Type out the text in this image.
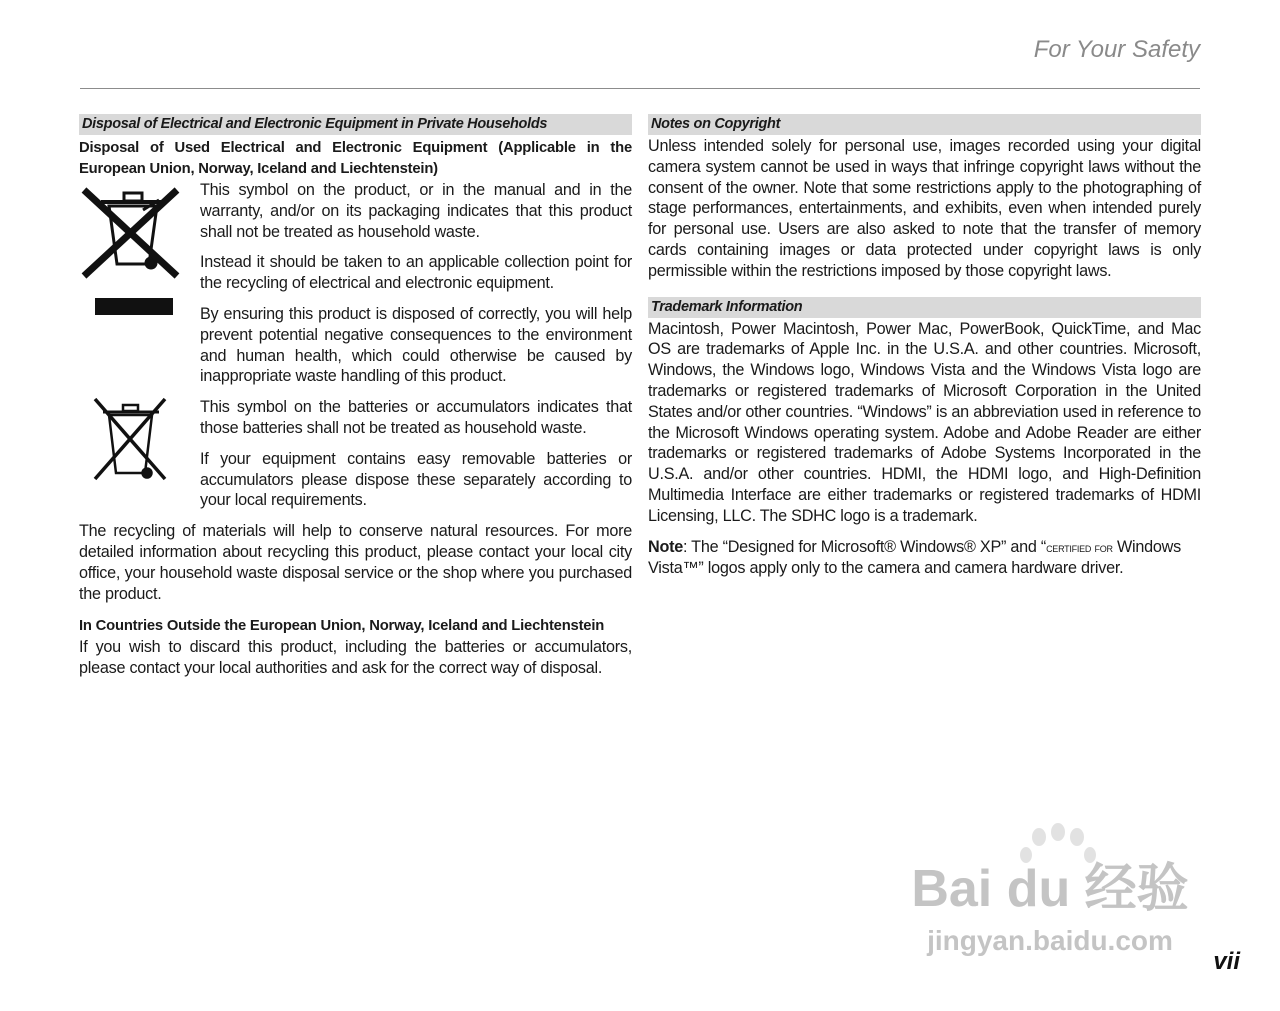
For Your Safety
Disposal of Electrical and Electronic Equipment in Private Households
Disposal of Used Electrical and Electronic Equipment (Applicable in the European Union, Norway, Iceland and Liechtenstein)

This symbol on the product, or in the manual and in the warranty, and/or on its packaging indicates that this product shall not be treated as household waste.

Instead it should be taken to an applicable collection point for the recycling of electrical and electronic equipment.

By ensuring this product is disposed of correctly, you will help prevent potential negative consequences to the environment and human health, which could otherwise be caused by inappropriate waste handling of this product.

This symbol on the batteries or accumulators indicates that those batteries shall not be treated as household waste.

If your equipment contains easy removable batteries or accumulators please dispose these separately according to your local requirements.

The recycling of materials will help to conserve natural resources. For more detailed information about recycling this product, please contact your local city office, your household waste disposal service or the shop where you purchased the product.

In Countries Outside the European Union, Norway, Iceland and Liechtenstein

If you wish to discard this product, including the batteries or accumulators, please contact your local authorities and ask for the correct way of disposal.

Notes on Copyright

Unless intended solely for personal use, images recorded using your digital camera system cannot be used in ways that infringe copyright laws without the consent of the owner. Note that some restrictions apply to the photographing of stage performances, entertainments, and exhibits, even when intended purely for personal use. Users are also asked to note that the transfer of memory cards containing images or data protected under copyright laws is only permissible within the restrictions imposed by those copyright laws.

Trademark Information

Macintosh, Power Macintosh, Power Mac, PowerBook, QuickTime, and Mac OS are trademarks of Apple Inc. in the U.S.A. and other countries. Microsoft, Windows, the Windows logo, Windows Vista and the Windows Vista logo are trademarks or registered trademarks of Microsoft Corporation in the United States and/or other countries. “Windows” is an abbreviation used in reference to the Microsoft Windows operating system. Adobe and Adobe Reader are either trademarks or registered trademarks of Adobe Systems Incorporated in the U.S.A. and/or other countries. HDMI, the HDMI logo, and High-Definition Multimedia Interface are either trademarks or registered trademarks of HDMI Licensing, LLC. The SDHC logo is a trademark.

Note: The “Designed for Microsoft® Windows® XP” and “certified for Windows Vista™” logos apply only to the camera and camera hardware driver.

Bai du 经验
jingyan.baidu.com
vii
